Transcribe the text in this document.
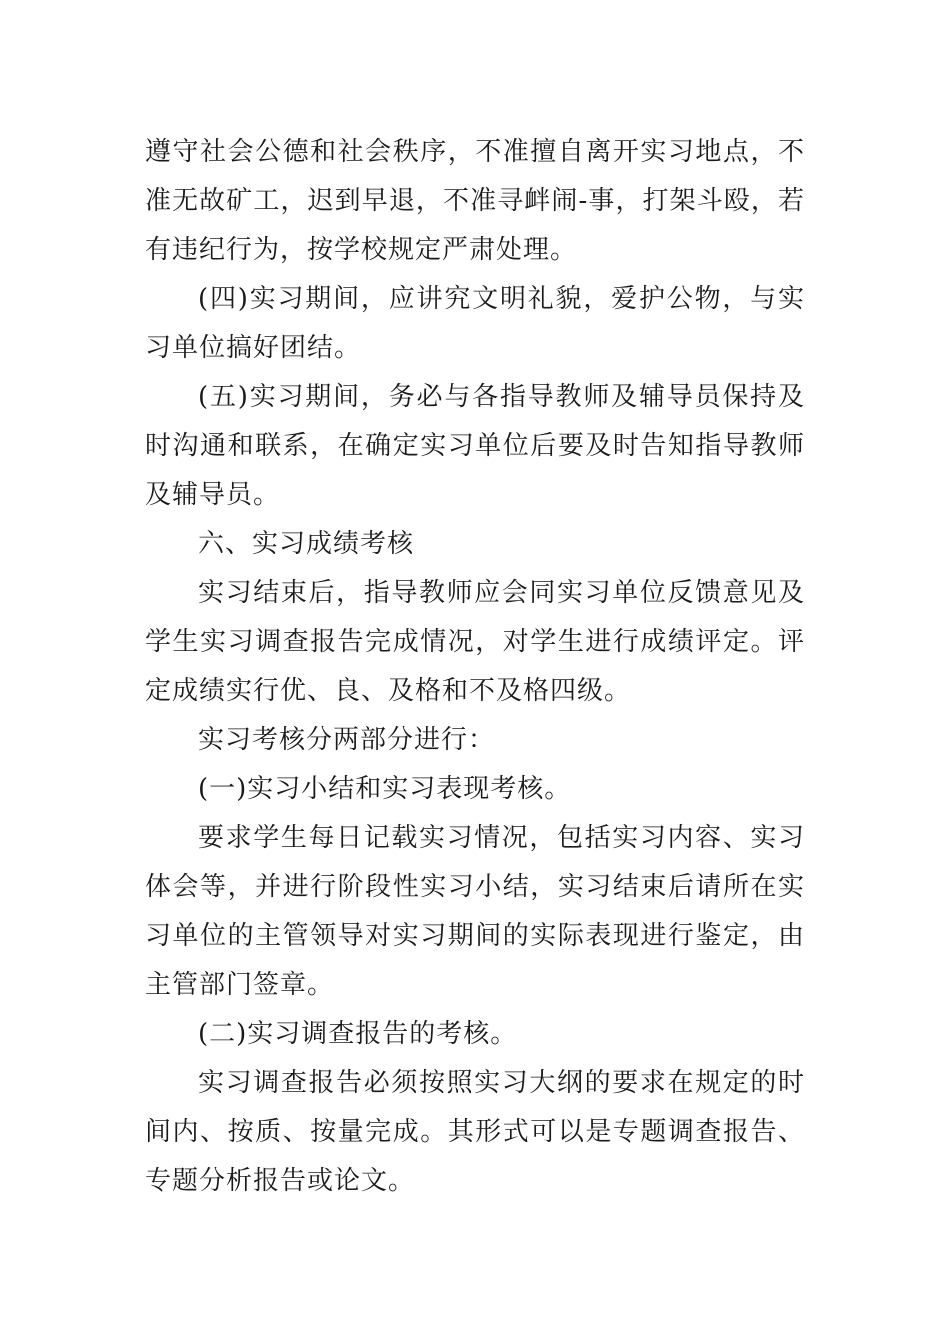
遵守社会公德和社会秩序，不准擅自离开实习地点，不准无故矿工，迟到早退，不准寻衅闹-事，打架斗殴，若有违纪行为，按学校规定严肃处理。

(四)实习期间，应讲究文明礼貌，爱护公物，与实习单位搞好团结。

(五)实习期间，务必与各指导教师及辅导员保持及时沟通和联系，在确定实习单位后要及时告知指导教师及辅导员。

六、实习成绩考核

实习结束后，指导教师应会同实习单位反馈意见及学生实习调查报告完成情况，对学生进行成绩评定。评定成绩实行优、良、及格和不及格四级。

实习考核分两部分进行：

(一)实习小结和实习表现考核。

要求学生每日记载实习情况，包括实习内容、实习体会等，并进行阶段性实习小结，实习结束后请所在实习单位的主管领导对实习期间的实际表现进行鉴定，由主管部门签章。

(二)实习调查报告的考核。

实习调查报告必须按照实习大纲的要求在规定的时间内、按质、按量完成。其形式可以是专题调查报告、专题分析报告或论文。
